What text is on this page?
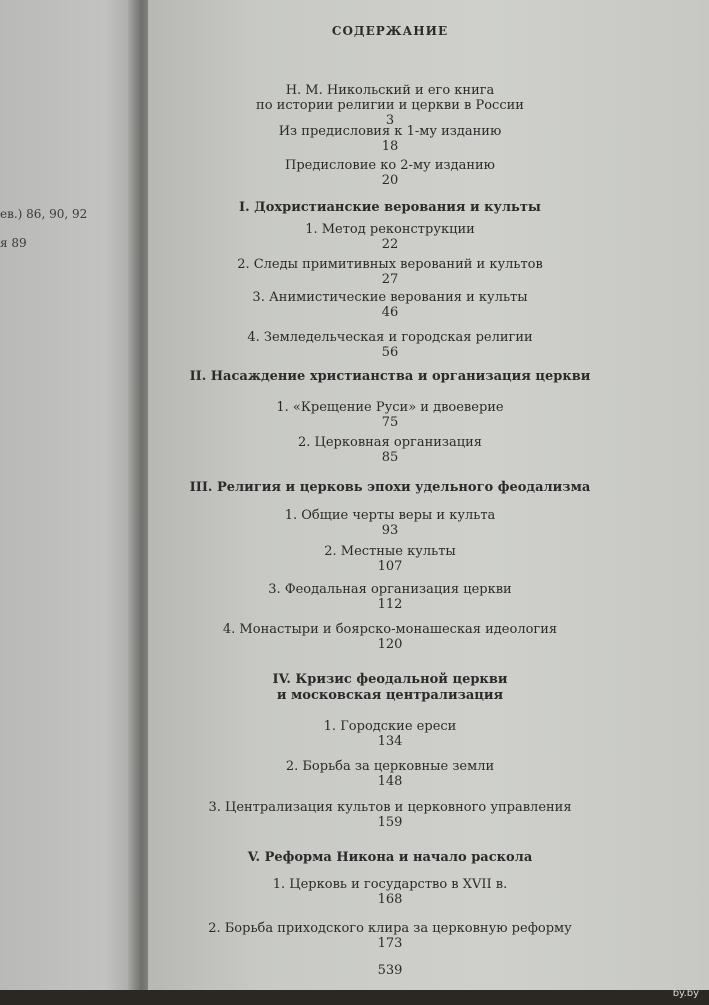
ев.) 86, 90, 92
я 89
СОДЕРЖАНИЕ
Н. М. Никольский и его книга
по истории религии и церкви в России
3
Из предисловия к 1-му изданию
18
Предисловие ко 2-му изданию
20
I. Дохристианские верования и культы
1. Метод реконструкции
22
2. Следы примитивных верований и культов
27
3. Анимистические верования и культы
46
4. Земледельческая и городская религии
56
II. Насаждение христианства и организация церкви
1. «Крещение Руси» и двоеверие
75
2. Церковная организация
85
III. Религия и церковь эпохи удельного феодализма
1. Общие черты веры и культа
93
2. Местные культы
107
3. Феодальная организация церкви
112
4. Монастыри и боярско-монашеская идеология
120
IV. Кризис феодальной церкви
и московская централизация
1. Городские ереси
134
2. Борьба за церковные земли
148
3. Централизация культов и церковного управления
159
V. Реформа Никона и начало раскола
1. Церковь и государство в XVII в.
168
2. Борьба приходского клира за церковную реформу
173
539
by.by
